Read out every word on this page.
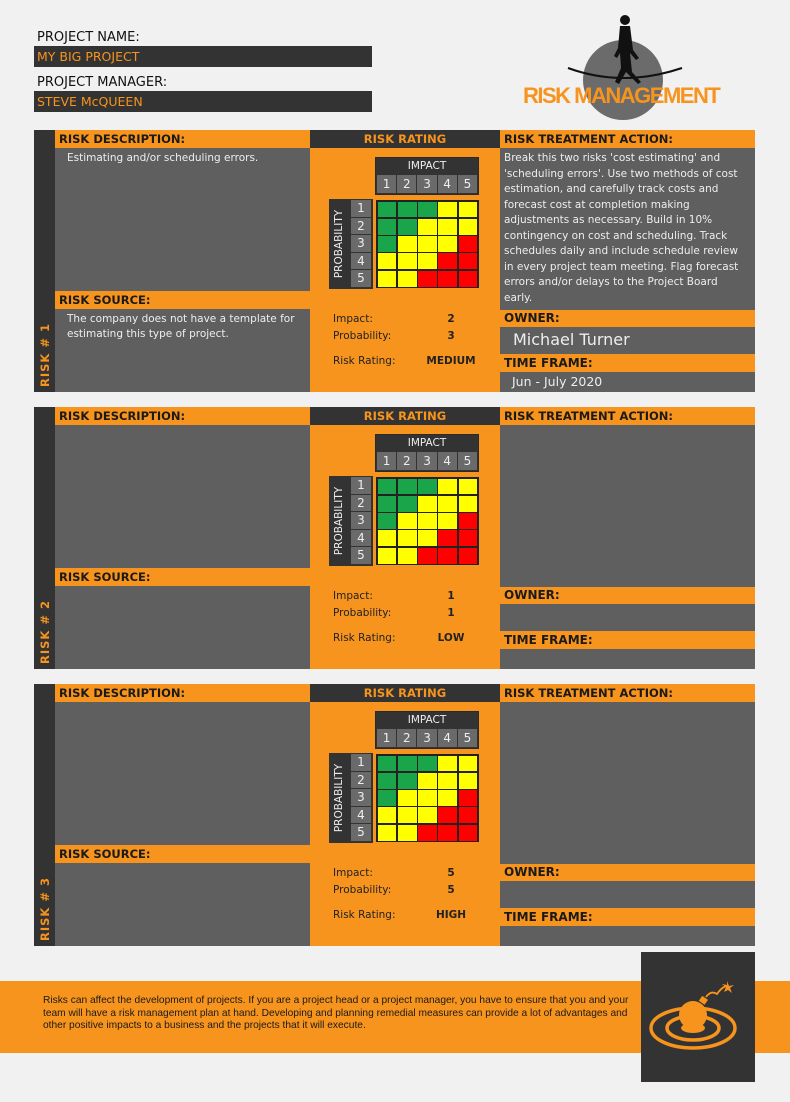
PROJECT NAME:
MY BIG PROJECT
PROJECT MANAGER:
STEVE McQUEEN	RISK MANAGEMENT
RISK # 1
RISK DESCRIPTION:
Estimating and/or scheduling errors.
RISK SOURCE:
The company does not have a template for estimating this type of project.
RISK RATING
IMPACT
1	2	3	4	5
PROBABILITY
1
2
3
4
5
Impact:	2
Probability:	3
Risk Rating:	MEDIUM
RISK TREATMENT ACTION:
Break this two risks 'cost estimating' and 'scheduling errors'. Use two methods of cost estimation, and carefully track costs and forecast cost at completion making adjustments as necessary. Build in 10% contingency on cost and scheduling. Track schedules daily and include schedule review in every project team meeting. Flag forecast errors and/or delays to the Project Board early.
OWNER:
Michael Turner
TIME FRAME:
Jun - July 2020
RISK # 2
RISK DESCRIPTION:
RISK SOURCE:
RISK RATING
IMPACT
1	2	3	4	5
PROBABILITY
1
2
3
4
5
Impact:	1
Probability:	1
Risk Rating:	LOW
RISK TREATMENT ACTION:
OWNER:
TIME FRAME:
RISK # 3
RISK DESCRIPTION:
RISK SOURCE:
RISK RATING
IMPACT
1	2	3	4	5
PROBABILITY
1
2
3
4
5
Impact:	5
Probability:	5
Risk Rating:	HIGH
RISK TREATMENT ACTION:
OWNER:
TIME FRAME:
Risks can affect the development of projects. If you are a project head or a project manager, you have to ensure that you and your team will have a risk management plan at hand. Developing and planning remedial measures can provide a lot of advantages and other positive impacts to a business and the projects that it will execute.
